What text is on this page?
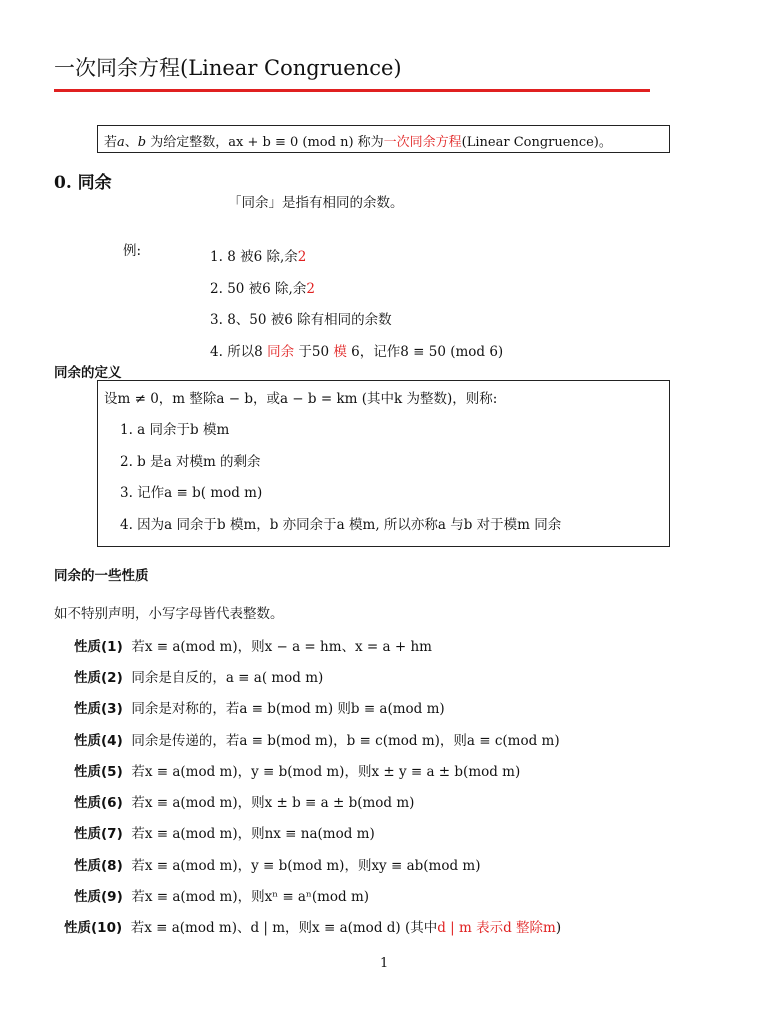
一次同余方程(Linear Congruence)
若a、b 为给定整数，ax + b ≡ 0 (mod n) 称为一次同余方程(Linear Congruence)。
0. 同余
「同余」是指有相同的余数。
例:	1. 8 被6 除,余2
2. 50 被6 除,余2
3. 8、50 被6 除有相同的余数
4. 所以8 同余 于50 模 6，记作8 ≡ 50 (mod 6)
同余的定义
设m ≠ 0，m 整除a − b，或a − b = km (其中k 为整数)，则称:
1. a 同余于b 模m
2. b 是a 对模m 的剩余
3. 记作a ≡ b( mod m)
4. 因为a 同余于b 模m，b 亦同余于a 模m, 所以亦称a 与b 对于模m 同余
同余的一些性质
如不特别声明，小写字母皆代表整数。
性质(1) 若x ≡ a(mod m)，则x − a = hm、x = a + hm
性质(2) 同余是自反的，a ≡ a( mod m)
性质(3) 同余是对称的，若a ≡ b(mod m) 则b ≡ a(mod m)
性质(4) 同余是传递的，若a ≡ b(mod m)，b ≡ c(mod m)，则a ≡ c(mod m)
性质(5) 若x ≡ a(mod m)，y ≡ b(mod m)，则x ± y ≡ a ± b(mod m)
性质(6) 若x ≡ a(mod m)，则x ± b ≡ a ± b(mod m)
性质(7) 若x ≡ a(mod m)，则nx ≡ na(mod m)
性质(8) 若x ≡ a(mod m)，y ≡ b(mod m)，则xy ≡ ab(mod m)
性质(9) 若x ≡ a(mod m)，则xⁿ ≡ aⁿ(mod m)
性质(10) 若x ≡ a(mod m)、d | m，则x ≡ a(mod d) (其中d | m 表示d 整除m)
1
